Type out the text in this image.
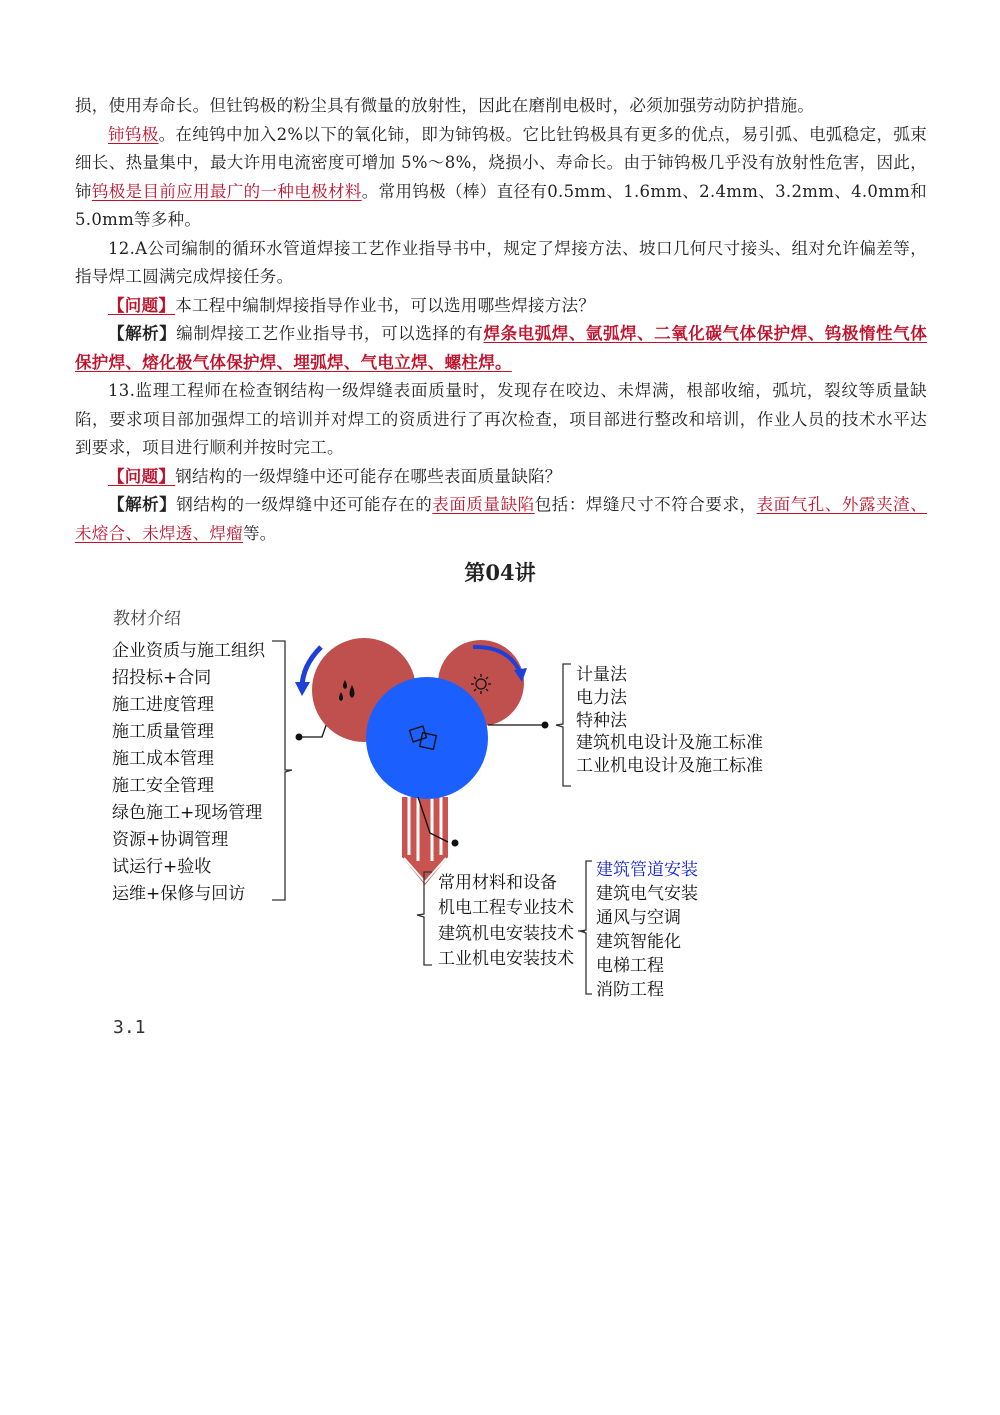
损，使用寿命长。但钍钨极的粉尘具有微量的放射性，因此在磨削电极时，必须加强劳动防护措施。

铈钨极。在纯钨中加入2%以下的氧化铈，即为铈钨极。它比钍钨极具有更多的优点，易引弧、电弧稳定，弧束细长、热量集中，最大许用电流密度可增加 5%～8%，烧损小、寿命长。由于铈钨极几乎没有放射性危害，因此，铈钨极是目前应用最广的一种电极材料。常用钨极（棒）直径有0.5mm、1.6mm、2.4mm、3.2mm、4.0mm和5.0mm等多种。

12.A公司编制的循环水管道焊接工艺作业指导书中，规定了焊接方法、坡口几何尺寸接头、组对允许偏差等，指导焊工圆满完成焊接任务。

【问题】本工程中编制焊接指导作业书，可以选用哪些焊接方法？

【解析】编制焊接工艺作业指导书，可以选择的有焊条电弧焊、氩弧焊、二氧化碳气体保护焊、钨极惰性气体保护焊、熔化极气体保护焊、埋弧焊、气电立焊、螺柱焊。

13.监理工程师在检查钢结构一级焊缝表面质量时，发现存在咬边、未焊满，根部收缩，弧坑，裂纹等质量缺陷，要求项目部加强焊工的培训并对焊工的资质进行了再次检查，项目部进行整改和培训，作业人员的技术水平达到要求，项目进行顺利并按时完工。

【问题】钢结构的一级焊缝中还可能存在哪些表面质量缺陷？

【解析】钢结构的一级焊缝中还可能存在的表面质量缺陷包括：焊缝尺寸不符合要求，表面气孔、外露夹渣、未熔合、未焊透、焊瘤等。

第04讲
教材介绍
企业资质与施工组织
招投标+合同
施工进度管理
施工质量管理
施工成本管理
施工安全管理
绿色施工+现场管理
资源+协调管理
试运行+验收
运维+保修与回访
计量法
电力法
特种法
建筑机电设计及施工标准
工业机电设计及施工标准
常用材料和设备
机电工程专业技术
建筑机电安装技术
工业机电安装技术
建筑管道安装
建筑电气安装
通风与空调
建筑智能化
电梯工程
消防工程
3.1
